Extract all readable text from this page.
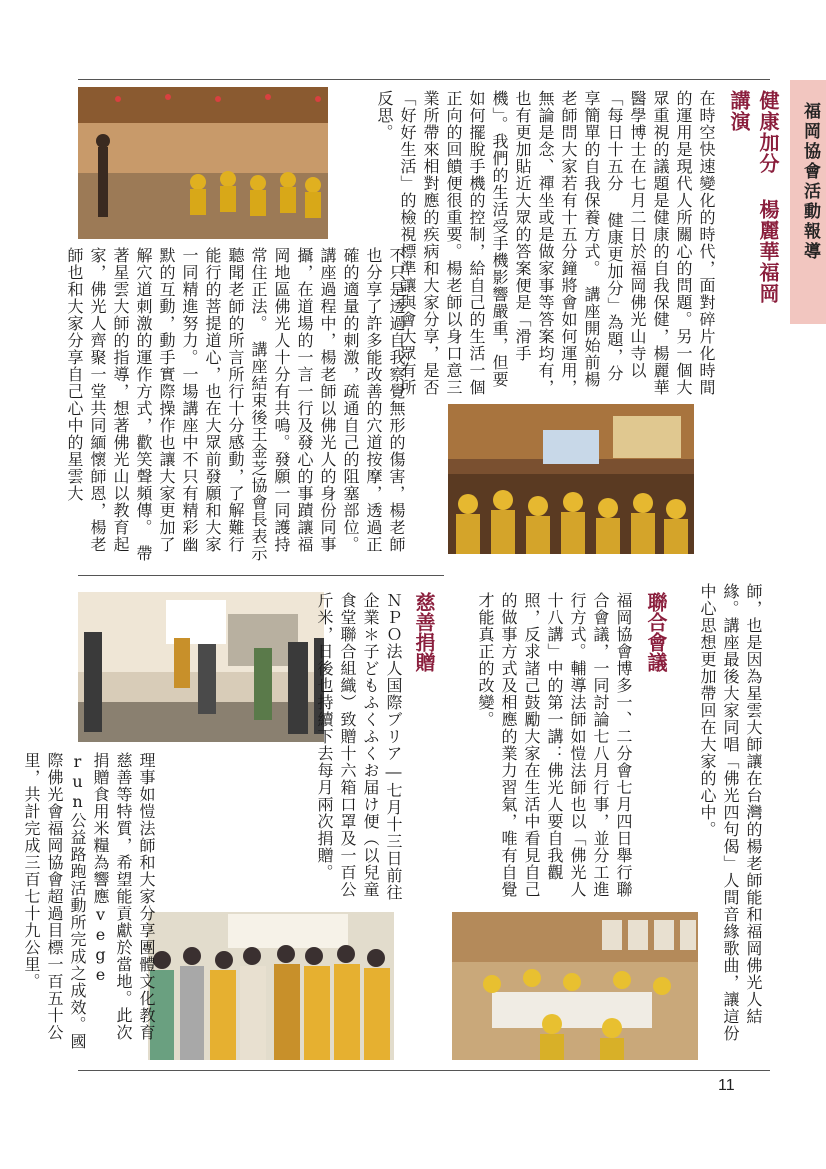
福岡協會活動報導
健康加分 楊麗華福岡講演
在時空快速變化的時代，面對碎片化時間的運用是現代人所關心的問題。另一個大眾重視的議題是健康的自我保健，楊麗華醫學博士在七月二日於福岡佛光山寺以「每日十五分 健康更加分」為題，分享簡單的自我保養方式。　講座開始前楊老師問大家若有十五分鐘將會如何運用，無論是念、禪坐或是做家事等答案均有，也有更加貼近大眾的答案便是「滑手機」。我們的生活受手機影響嚴重，但要如何擺脫手機的控制，給自己的生活一個正向的回饋便很重要。楊老師以身口意三業所帶來相對應的疾病和大家分享，是否「好好生活」的檢視標準讓與會大眾有所反思。
不只是透過自我察覺無形的傷害，楊老師也分享了許多能改善的穴道按摩，透過正確的適量的刺激，疏通自己的阻塞部位。講座過程中，楊老師以佛光人的身份同事攝，在道場的一言一行及發心的事蹟讓福岡地區佛光人十分有共鳴。發願一同護持常住正法。　講座結束後王金芝協會長表示聽聞老師的所言所行十分感動，了解難行能行的菩提道心，也在大眾前發願和大家一同精進努力。一場講座中不只有精彩幽默的互動，動手實際操作也讓大家更加了解穴道刺激的運作方式，歡笑聲頻傳。　帶著星雲大師的指導，想著佛光山以教育起家，佛光人齊聚一堂共同緬懷師恩，楊老師也和大家分享自己心中的星雲大
師，也是因為星雲大師讓在台灣的楊老師能和福岡佛光人結緣。講座最後大家同唱「佛光四句偈」人間音緣歌曲，讓這份中心思想更加帶回在大家的心中。
聯合會議
福岡協會博多一、二分會七月四日舉行聯合會議，一同討論七八月行事，並分工進行方式。輔導法師如愷法師也以「佛光人十八講」中的第一講：佛光人要自我觀照，反求諸己鼓勵大家在生活中看見自己的做事方式及相應的業力習氣，唯有自覺才能真正的改變。
慈善捐贈
ＮＰＯ法人国際ブリア―七月十三日前往企業＊子どもふくふくお届け便（以兒童食堂聯合組織）致贈十六箱口罩及一百公斤米，日後也持續下去每月兩次捐贈。
理事如愷法師和大家分享團體文化教育慈善等特質，希望能貢獻於當地。此次捐贈食用米糧為響應vege run公益路跑活動所完成之成效。國際佛光會福岡協會超過目標一百五十公里，共計完成三百七十九公里。
11
